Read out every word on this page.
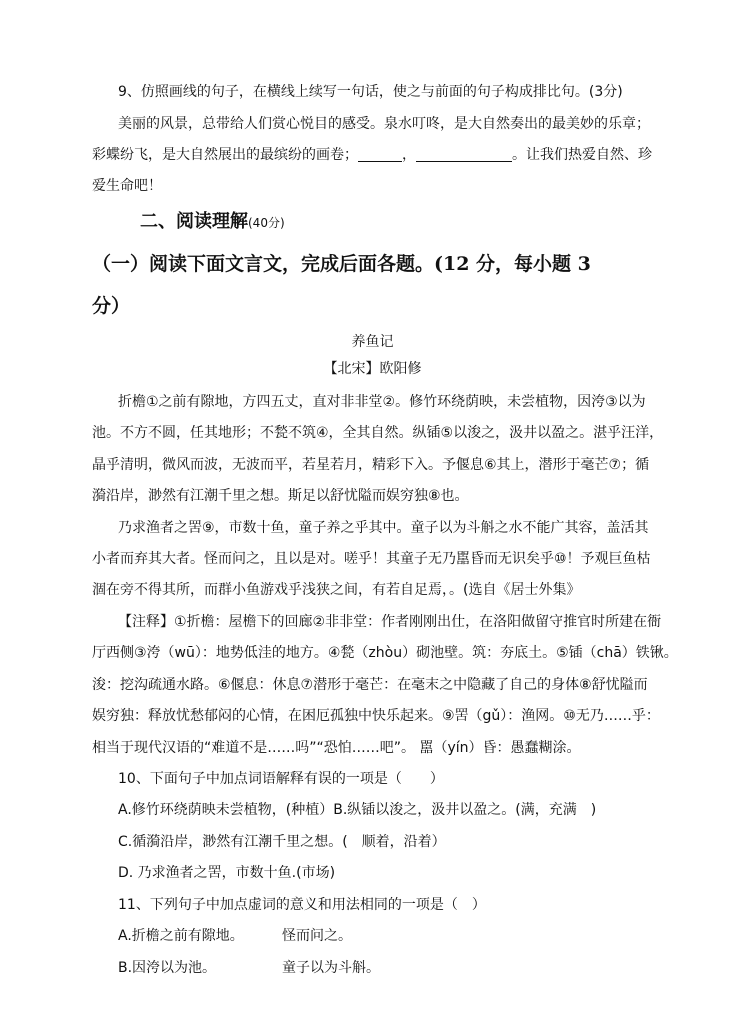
9、仿照画线的句子，在横线上续写一句话，使之与前面的句子构成排比句。(3分)
美丽的风景，总带给人们赏心悦目的感受。泉水叮咚，是大自然奏出的最美妙的乐章；
彩蝶纷飞，是大自然展出的最缤纷的画卷；	，	。让我们热爱自然、珍
爱生命吧！
二、阅读理解(40分)
（一）阅读下面文言文，完成后面各题。(12 分，每小题 3
分）
养鱼记
【北宋】欧阳修
折檐①之前有隙地，方四五丈，直对非非堂②。修竹环绕荫映，未尝植物，因洿③以为
池。不方不圆，任其地形；不甃不筑④，全其自然。纵锸⑤以浚之，汲井以盈之。湛乎汪洋，
晶乎清明，微风而波，无波而平，若星若月，精彩下入。予偃息⑥其上，潜形于毫芒⑦；循
漪沿岸，渺然有江潮千里之想。斯足以舒忧隘而娱穷独⑧也。
乃求渔者之罟⑨，市数十鱼，童子养之乎其中。童子以为斗斛之水不能广其容，盖活其
小者而弃其大者。怪而问之，且以是对。嗟乎！其童子无乃嚚昏而无识矣乎⑩！予观巨鱼枯
涸在旁不得其所，而群小鱼游戏乎浅狭之间，有若自足焉，。(选自《居士外集》
【注释】①折檐：屋檐下的回廊②非非堂：作者刚刚出仕，在洛阳做留守推官时所建在衙
厅西侧③洿（wū）：地势低洼的地方。④甃（zhòu）砌池壁。筑：夯底土。⑤锸（chā）铁锹。
浚：挖沟疏通水路。⑥偃息：休息⑦潜形于毫芒：在毫末之中隐藏了自己的身体⑧舒忧隘而
娱穷独：释放忧愁郁闷的心情，在困厄孤独中快乐起来。⑨罟（gǔ）：渔网。⑩无乃……乎：
相当于现代汉语的“难道不是……吗”“恐怕……吧”。 嚚（yín）昏：愚蠢糊涂。
10、下面句子中加点词语解释有误的一项是（　　）
A.修竹环绕荫映未尝植物，(种植）B.纵锸以浚之，汲井以盈之。(满，充满　)
C.循漪沿岸，渺然有江潮千里之想。(　顺着，沿着）
D. 乃求渔者之罟，市数十鱼.(市场)
11、下列句子中加点虚词的意义和用法相同的一项是（　）
A.折檐之前有隙地。	怪而问之。
B.因洿以为池。	童子以为斗斛。
